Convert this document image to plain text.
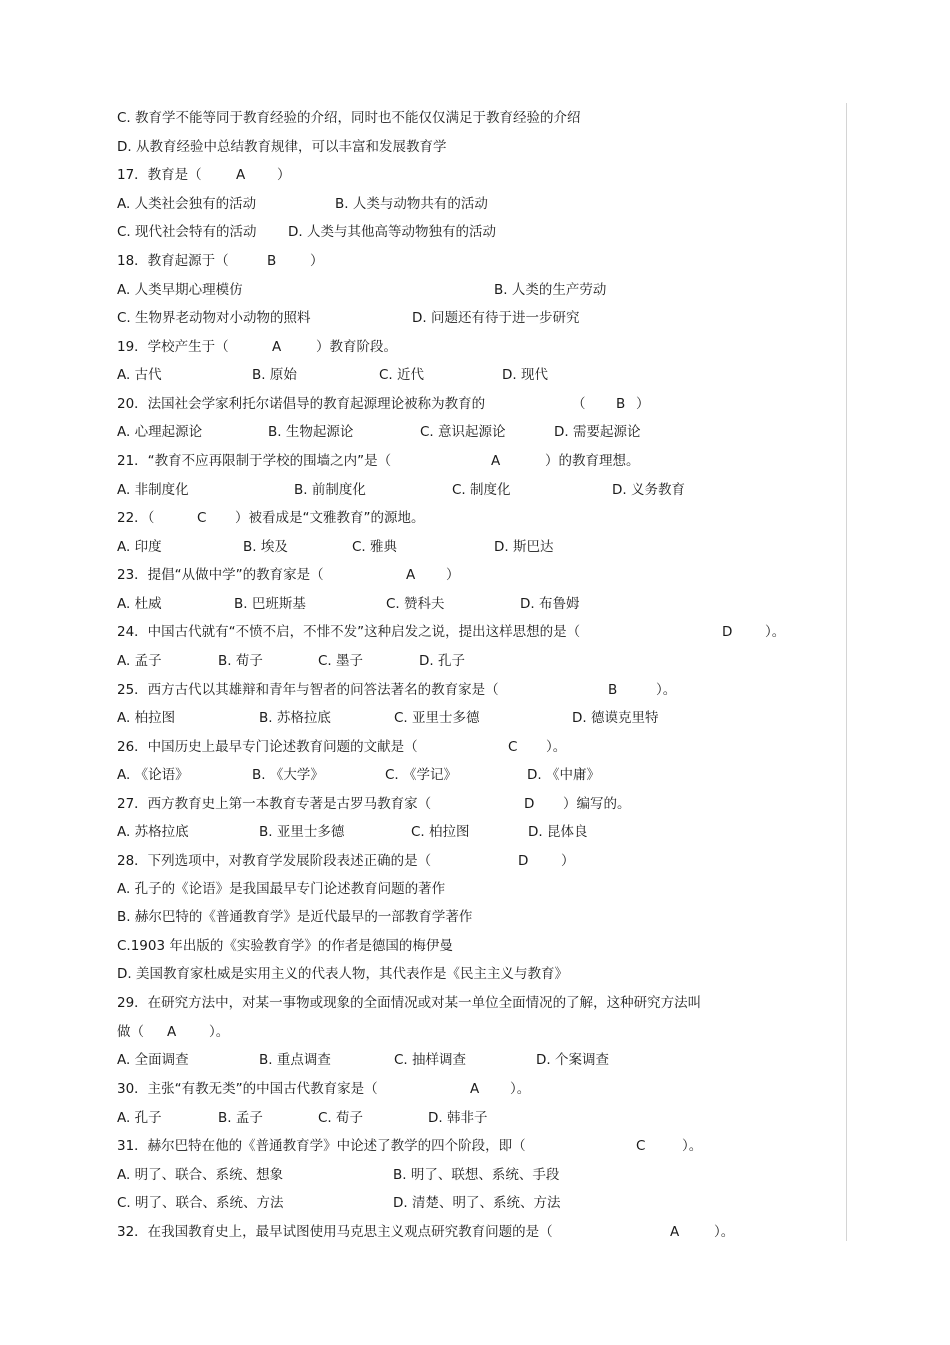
C. 教育学不能等同于教育经验的介绍，同时也不能仅仅满足于教育经验的介绍
D. 从教育经验中总结教育规律，可以丰富和发展教育学
17．教育是（	A ）
A. 人类社会独有的活动	B. 人类与动物共有的活动
C. 现代社会特有的活动 D. 人类与其他高等动物独有的活动
18．教育起源于（	B ）
A. 人类早期心理模仿	B. 人类的生产劳动
C. 生物界老动物对小动物的照料	D. 问题还有待于进一步研究
19．学校产生于（	A	）教育阶段。
A. 古代	B. 原始	C. 近代	D. 现代
20．法国社会学家利托尔诺倡导的教育起源理论被称为教育的	（ B ）
A. 心理起源论	B. 生物起源论	C. 意识起源论	D. 需要起源论
21．“教育不应再限制于学校的围墙之内”是（	A	）的教育理想。
A. 非制度化	B. 前制度化	C. 制度化	D. 义务教育
22．（	C ）被看成是“文雅教育”的源地。
A. 印度	B. 埃及	C. 雅典	D. 斯巴达
23．提倡“从做中学”的教育家是（	A ）
A. 杜威	B. 巴班斯基	C. 赞科夫	D. 布鲁姆
24．中国古代就有“不愤不启，不悱不发”这种启发之说，提出这样思想的是（	D ）。
A. 孟子	B. 荀子	C. 墨子	D. 孔子
25．西方古代以其雄辩和青年与智者的问答法著名的教育家是（	B	）。
A. 柏拉图	B. 苏格拉底	C. 亚里士多德	D. 德谟克里特
26．中国历史上最早专门论述教育问题的文献是（	C ）。
A. 《论语》	B. 《大学》	C. 《学记》	D. 《中庸》
27．西方教育史上第一本教育专著是古罗马教育家（	D ）编写的。
A. 苏格拉底	B. 亚里士多德	C. 柏拉图	D. 昆体良
28．下列选项中，对教育学发展阶段表述正确的是（	D ）
A. 孔子的《论语》是我国最早专门论述教育问题的著作
B. 赫尔巴特的《普通教育学》是近代最早的一部教育学著作
C.1903 年出版的《实验教育学》的作者是德国的梅伊曼
D. 美国教育家杜威是实用主义的代表人物，其代表作是《民主主义与教育》
29．在研究方法中，对某一事物或现象的全面情况或对某一单位全面情况的了解，这种研究方法叫
做（ A ）。
A. 全面调查	B. 重点调查	C. 抽样调查	D. 个案调查
30．主张“有教无类”的中国古代教育家是（	A ）。
A. 孔子	B. 孟子	C. 荀子	D. 韩非子
31．赫尔巴特在他的《普通教育学》中论述了教学的四个阶段，即（	C	）。
A. 明了、联合、系统、想象	B. 明了、联想、系统、手段
C. 明了、联合、系统、方法	D. 清楚、明了、系统、方法
32．在我国教育史上，最早试图使用马克思主义观点研究教育问题的是（	A	）。
